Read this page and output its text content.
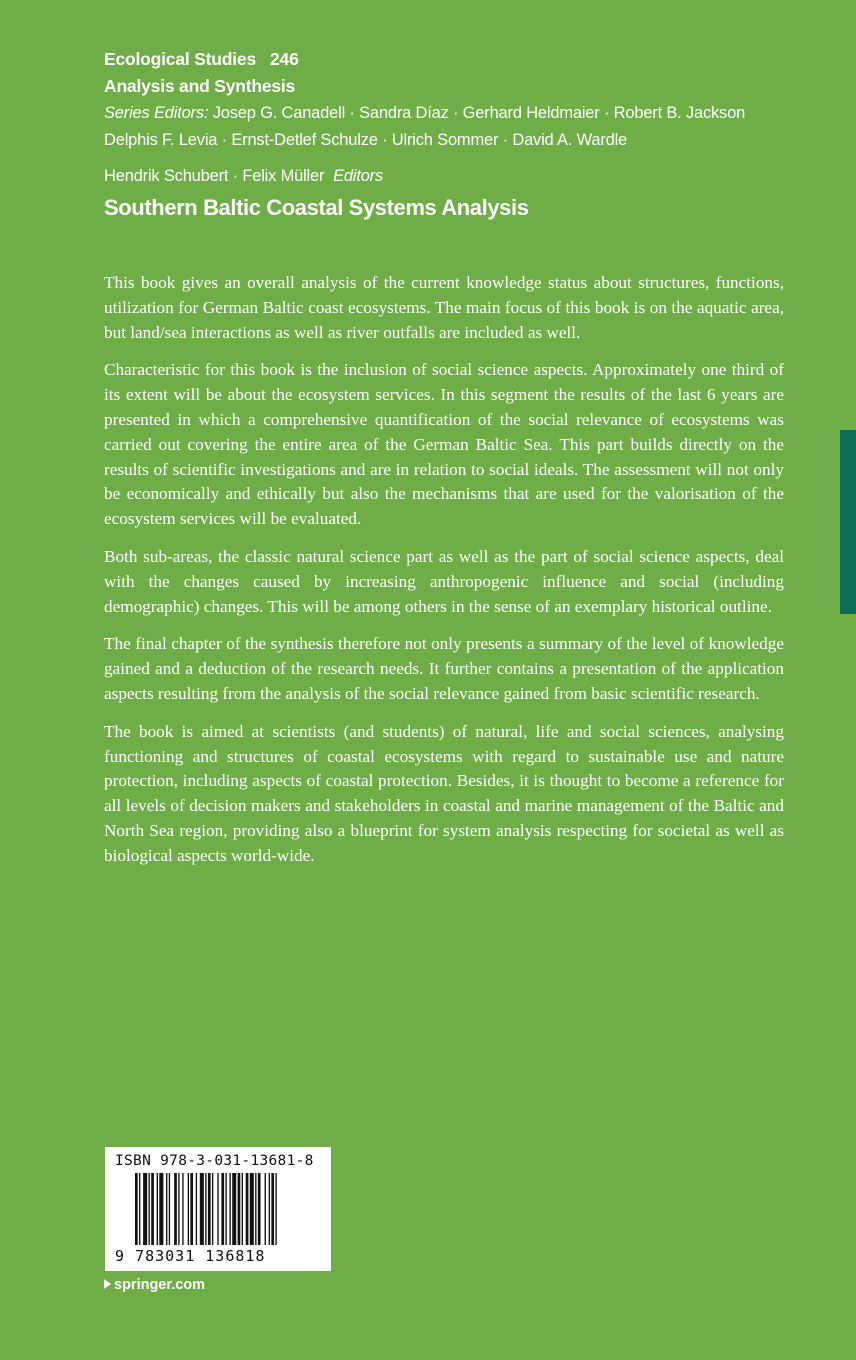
Ecological Studies 246
Analysis and Synthesis
Series Editors: Josep G. Canadell · Sandra Díaz · Gerhard Heldmaier · Robert B. Jackson
Delphis F. Levia · Ernst-Detlef Schulze · Ulrich Sommer · David A. Wardle
Hendrik Schubert · Felix Müller Editors
Southern Baltic Coastal Systems Analysis

This book gives an overall analysis of the current knowledge status about structures, functions, utilization for German Baltic coast ecosystems. The main focus of this book is on the aquatic area, but land/sea interactions as well as river outfalls are included as well.

Characteristic for this book is the inclusion of social science aspects. Approximately one third of its extent will be about the ecosystem services. In this segment the results of the last 6 years are presented in which a comprehensive quantification of the social relevance of ecosystems was carried out covering the entire area of the German Baltic Sea. This part builds directly on the results of scientific investigations and are in relation to social ideals. The assessment will not only be economically and ethically but also the mechanisms that are used for the valorisation of the ecosystem services will be evaluated.

Both sub-areas, the classic natural science part as well as the part of social science aspects, deal with the changes caused by increasing anthropogenic influence and social (including demographic) changes. This will be among others in the sense of an exemplary historical outline.

The final chapter of the synthesis therefore not only presents a summary of the level of knowledge gained and a deduction of the research needs. It further contains a presentation of the application aspects resulting from the analysis of the social relevance gained from basic scientific research.

The book is aimed at scientists (and students) of natural, life and social sciences, analysing functioning and structures of coastal ecosystems with regard to sustainable use and nature protection, including aspects of coastal protection. Besides, it is thought to become a reference for all levels of decision makers and stakeholders in coastal and marine management of the Baltic and North Sea region, providing also a blueprint for system analysis respecting for societal as well as biological aspects world-wide.

ISBN 978-3-031-13681-8
9 783031 136818
springer.com
